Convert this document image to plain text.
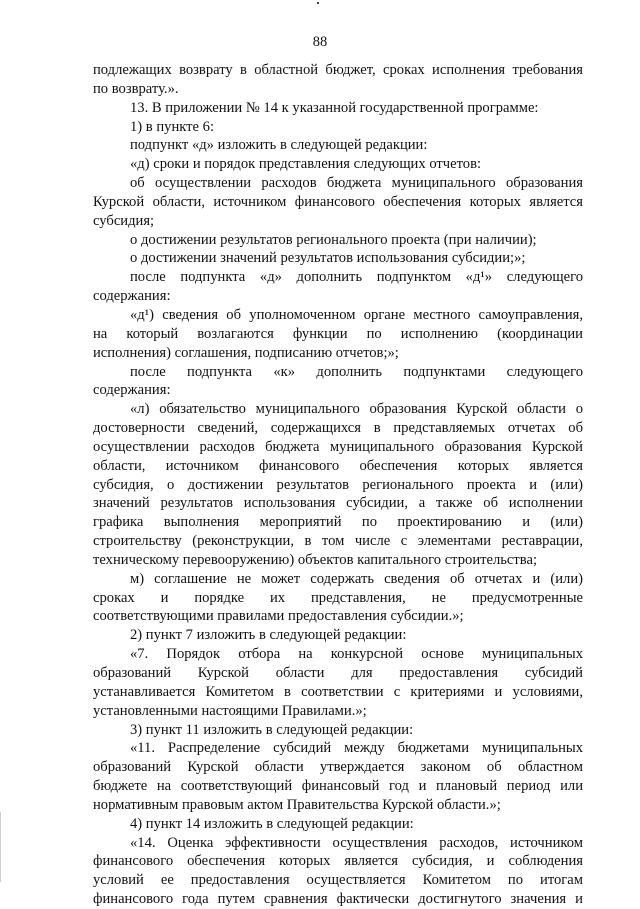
88
подлежащих возврату в областной бюджет, сроках исполнения требования
по возврату.».
13. В приложении № 14 к указанной государственной программе:
1) в пункте 6:
подпункт «д» изложить в следующей редакции:
«д) сроки и порядок представления следующих отчетов:
об осуществлении расходов бюджета муниципального образования
Курской области, источником финансового обеспечения которых является
субсидия;
о достижении результатов регионального проекта (при наличии);
о достижении значений результатов использования субсидии;»;
после подпункта «д» дополнить подпунктом «д¹» следующего
содержания:
«д¹) сведения об уполномоченном органе местного самоуправления,
на который возлагаются функции по исполнению (координации
исполнения) соглашения, подписанию отчетов;»;
после подпункта «к» дополнить подпунктами следующего
содержания:
«л) обязательство муниципального образования Курской области о
достоверности сведений, содержащихся в представляемых отчетах об
осуществлении расходов бюджета муниципального образования Курской
области, источником финансового обеспечения которых является
субсидия, о достижении результатов регионального проекта и (или)
значений результатов использования субсидии, а также об исполнении
графика выполнения мероприятий по проектированию и (или)
строительству (реконструкции, в том числе с элементами реставрации,
техническому перевооружению) объектов капитального строительства;
м) соглашение не может содержать сведения об отчетах и (или)
сроках и порядке их представления, не предусмотренные
соответствующими правилами предоставления субсидии.»;
2) пункт 7 изложить в следующей редакции:
«7. Порядок отбора на конкурсной основе муниципальных
образований Курской области для предоставления субсидий
устанавливается Комитетом в соответствии с критериями и условиями,
установленными настоящими Правилами.»;
3) пункт 11 изложить в следующей редакции:
«11. Распределение субсидий между бюджетами муниципальных
образований Курской области утверждается законом об областном
бюджете на соответствующий финансовый год и плановый период или
нормативным правовым актом Правительства Курской области.»;
4) пункт 14 изложить в следующей редакции:
«14. Оценка эффективности осуществления расходов, источником
финансового обеспечения которых является субсидия, и соблюдения
условий ее предоставления осуществляется Комитетом по итогам
финансового года путем сравнения фактически достигнутого значения и
